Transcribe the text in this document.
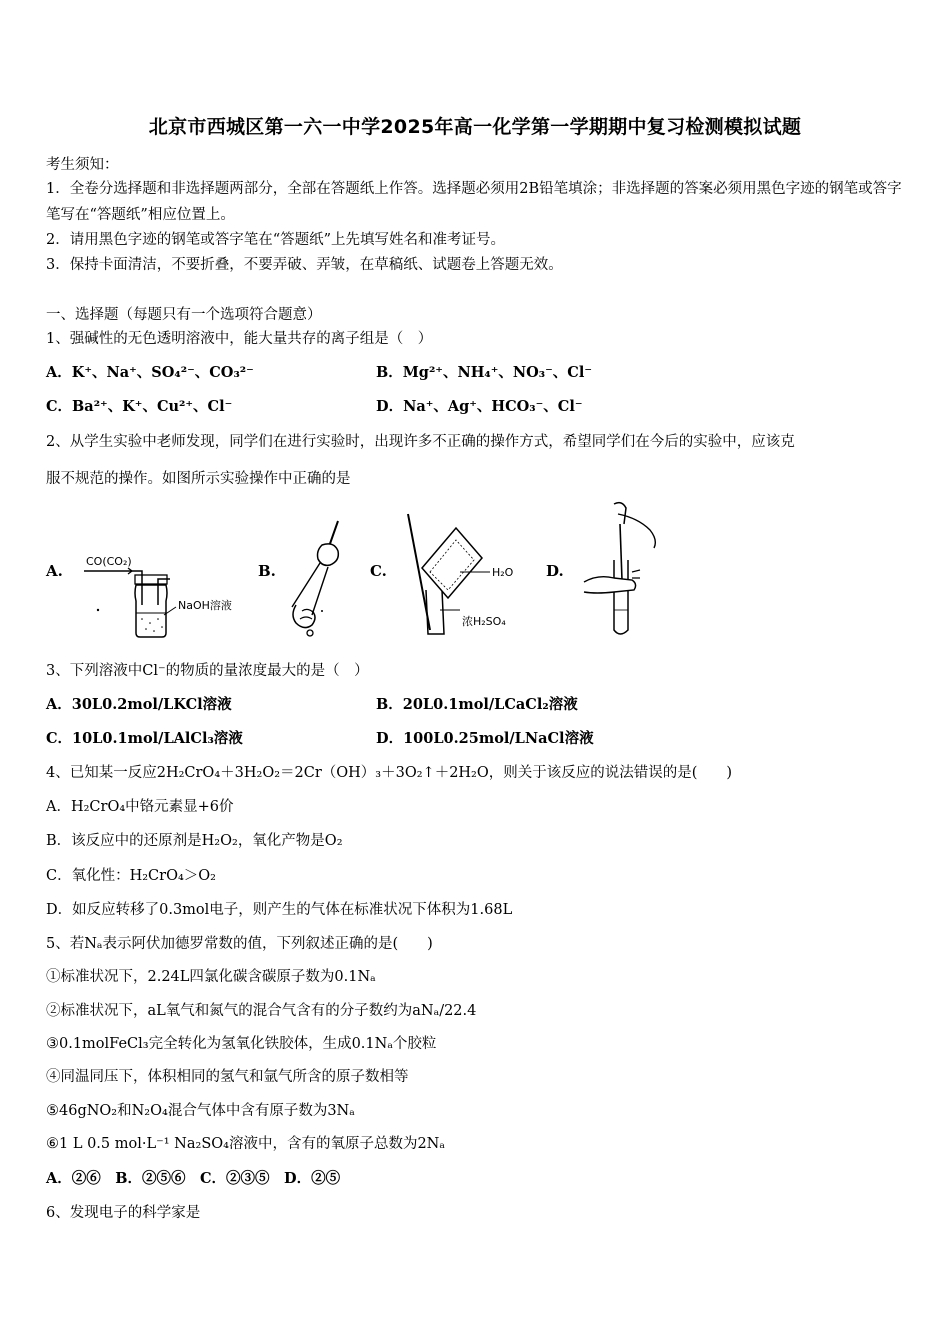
北京市西城区第一六一中学2025年高一化学第一学期期中复习检测模拟试题
考生须知：
1．全卷分选择题和非选择题两部分，全部在答题纸上作答。选择题必须用2B铅笔填涂；非选择题的答案必须用黑色字迹的钢笔或答字笔写在“答题纸”相应位置上。
2．请用黑色字迹的钢笔或答字笔在“答题纸”上先填写姓名和准考证号。
3．保持卡面清洁，不要折叠，不要弄破、弄皱，在草稿纸、试题卷上答题无效。
一、选择题（每题只有一个选项符合题意）
1、强碱性的无色透明溶液中，能大量共存的离子组是（　）
A．K⁺、Na⁺、SO₄²⁻、CO₃²⁻	B．Mg²⁺、NH₄⁺、NO₃⁻、Cl⁻
C．Ba²⁺、K⁺、Cu²⁺、Cl⁻	D．Na⁺、Ag⁺、HCO₃⁻、Cl⁻
2、从学生实验中老师发现，同学们在进行实验时，出现许多不正确的操作方式，希望同学们在今后的实验中，应该克
服不规范的操作。如图所示实验操作中正确的是
A.	B.	C.	D.
CO(CO₂)
NaOH溶液
H₂O
浓H₂SO₄
3、下列溶液中Cl⁻的物质的量浓度最大的是（　）
A．30L0.2mol/LKCl溶液	B．20L0.1mol/LCaCl₂溶液
C．10L0.1mol/LAlCl₃溶液	D．100L0.25mol/LNaCl溶液
4、已知某一反应2H₂CrO₄＋3H₂O₂＝2Cr（OH）₃＋3O₂↑＋2H₂O，则关于该反应的说法错误的是(　　)
A．H₂CrO₄中铬元素显+6价
B．该反应中的还原剂是H₂O₂，氧化产物是O₂
C．氧化性：H₂CrO₄＞O₂
D．如反应转移了0.3mol电子，则产生的气体在标准状况下体积为1.68L
5、若Nₐ表示阿伏加德罗常数的值，下列叙述正确的是(　　)
①标准状况下，2.24L四氯化碳含碳原子数为0.1Nₐ
②标准状况下，aL氧气和氮气的混合气含有的分子数约为aNₐ/22.4
③0.1molFeCl₃完全转化为氢氧化铁胶体，生成0.1Nₐ个胶粒
④同温同压下，体积相同的氢气和氩气所含的原子数相等
⑤46gNO₂和N₂O₄混合气体中含有原子数为3Nₐ
⑥1 L 0.5 mol·L⁻¹ Na₂SO₄溶液中，含有的氧原子总数为2Nₐ
A．②⑥　B．②⑤⑥　C．②③⑤　D．②⑤
6、发现电子的科学家是
